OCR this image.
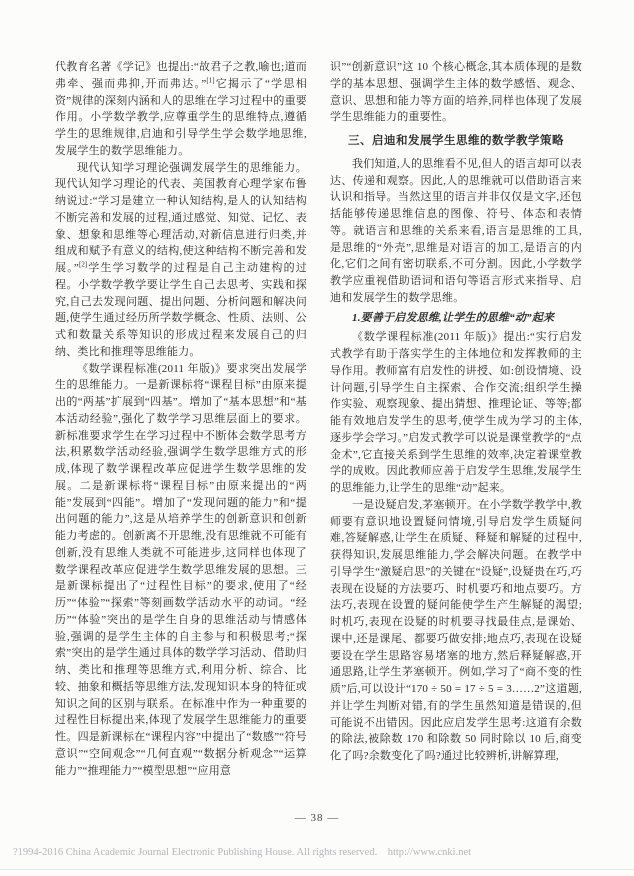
代教育名著《学记》也提出:“故君子之教,喻也;道而弗牵、强而弗抑,开而弗达。”[1]它揭示了“学思相资”规律的深刻内涵和人的思维在学习过程中的重要作用。小学数学教学,应尊重学生的思维特点,遵循学生的思维规律,启迪和引导学生学会数学地思维,发展学生的数学思维能力。

现代认知学习理论强调发展学生的思维能力。现代认知学习理论的代表、美国教育心理学家布鲁纳说过:“学习是建立一种认知结构,是人的认知结构不断完善和发展的过程,通过感觉、知觉、记忆、表象、想象和思维等心理活动,对新信息进行归类,并组成和赋予有意义的结构,使这种结构不断完善和发展。”[2]学生学习数学的过程是自己主动建构的过程。小学数学教学要让学生自己去思考、实践和探究,自己去发现问题、提出问题、分析问题和解决问题,使学生通过经历所学数学概念、性质、法则、公式和数量关系等知识的形成过程来发展自己的归纳、类比和推理等思维能力。

《数学课程标准(2011 年版)》要求突出发展学生的思维能力。一是新课标将“课程目标”由原来提出的“两基”扩展到“四基”。增加了“基本思想”和“基本活动经验”,强化了数学学习思维层面上的要求。新标准要求学生在学习过程中不断体会数学思考方法,积累数学活动经验,强调学生数学思维方式的形成,体现了数学课程改革应促进学生数学思维的发展。二是新课标将“课程目标”由原来提出的“两能”发展到“四能”。增加了“发现问题的能力”和“提出问题的能力”,这是从培养学生的创新意识和创新能力考虑的。创新离不开思维,没有思维就不可能有创新,没有思维人类就不可能进步,这同样也体现了数学课程改革应促进学生数学思维发展的思想。三是新课标提出了“过程性目标”的要求,使用了“经历”“体验”“探索”等刻画数学活动水平的动词。“经历”“体验”突出的是学生自身的思维活动与情感体验,强调的是学生主体的自主参与和积极思考;“探索”突出的是学生通过具体的数学学习活动、借助归纳、类比和推理等思维方式,利用分析、综合、比较、抽象和概括等思维方法,发现知识本身的特征或知识之间的区别与联系。在标准中作为一种重要的过程性目标提出来,体现了发展学生思维能力的重要性。四是新课标在“课程内容”中提出了“数感”“符号意识”“空间观念”“几何直观”“数据分析观念”“运算能力”“推理能力”“模型思想”“应用意

识”“创新意识”这 10 个核心概念,其本质体现的是数学的基本思想、强调学生主体的数学感悟、观念、意识、思想和能力等方面的培养,同样也体现了发展学生思维能力的重要性。

三、启迪和发展学生思维的数学教学策略

我们知道,人的思维看不见,但人的语言却可以表达、传递和观察。因此,人的思维就可以借助语言来认识和指导。当然这里的语言并非仅仅是文字,还包括能够传递思维信息的图像、符号、体态和表情等。就语言和思维的关系来看,语言是思维的工具,是思维的“外壳”,思维是对语言的加工,是语言的内化,它们之间有密切联系,不可分割。因此,小学数学教学应重视借助语词和语句等语言形式来指导、启迪和发展学生的数学思维。

1.要善于启发思维,让学生的思维“动”起来

《数学课程标准(2011 年版)》提出:“实行启发式教学有助于落实学生的主体地位和发挥教师的主导作用。教师富有启发性的讲授、如:创设情境、设计问题,引导学生自主探索、合作交流;组织学生操作实验、观察现象、提出猜想、推理论证、等等;都能有效地启发学生的思考,使学生成为学习的主体,逐步学会学习。”启发式教学可以说是课堂教学的“点金术”,它直接关系到学生思维的效率,决定着课堂教学的成败。因此教师应善于启发学生思维,发展学生的思维能力,让学生的思维“动”起来。

一是设疑启发,茅塞顿开。在小学数学教学中,教师要有意识地设置疑问情境,引导启发学生质疑问难,答疑解惑,让学生在质疑、释疑和解疑的过程中,获得知识,发展思维能力,学会解决问题。在教学中引导学生“激疑启思”的关键在“设疑”,设疑贵在巧,巧表现在设疑的方法要巧、时机要巧和地点要巧。方法巧,表现在设置的疑问能使学生产生解疑的渴望;时机巧,表现在设疑的时机要寻找最佳点,是课始、课中,还是课尾、都要巧做安排;地点巧,表现在设疑要设在学生思路容易堵塞的地方,然后释疑解惑,开通思路,让学生茅塞顿开。例如,学习了“商不变的性质”后,可以设计“170 ÷ 50 = 17 ÷ 5 = 3……2”这道题,并让学生判断对错,有的学生虽然知道是错误的,但可能说不出错因。因此应启发学生思考:这道有余数的除法,被除数 170 和除数 50 同时除以 10 后,商变化了吗?余数变化了吗?通过比较辨析,讲解算理,

— 38 —
?1994-2016 China Academic Journal Electronic Publishing House. All rights reserved.    http://www.cnki.net
